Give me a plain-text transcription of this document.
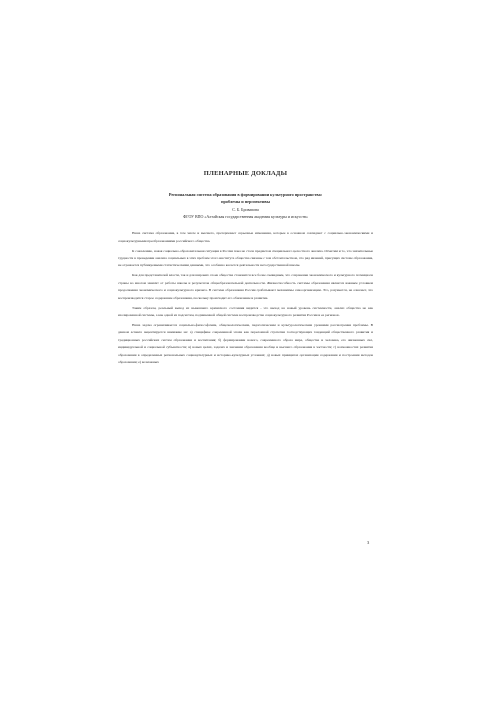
ПЛЕНАРНЫЕ ДОКЛАДЫ
Региональная система образования в формировании культурного пространства:
проблемы и перспективы
С. Б. Бровапова
ФГОУ ВПО «Алтайская государственная академия культуры и искусств»

Наша система образования, в том числе и высшего, претерпевает серьезные изменения, которые в основном совпадают с социально-экономическими и социокультурными преобразованиями российского общества.

К сожалению, новая социально-образовательная ситуация в России пока не стала предметом специального целостного анализа. Отметим и то, что значительные трудности в проведении анализа социальных в этих проблем этого института общества связаны с тем обстоятельством, что ряд явлений, присущих системе образования, не отражается публикуемыми статистическими данными, что особенно касается деятельности негосударственной школы.

Как для представителей власти, так и для широких слоев общества становится все более очевидным, что сохранение экономического и культурного потенциала страны во многом зависит от работы школы и результатов общеобразовательной деятельности. Жизнеспособность системы образования является важным условием продолжения экономического и социокультурного кризиса. В системе образования России срабатывают механизмы самоорганизации. Это, разумеется, не означает, что воспроизводится старое содержание образования, поскольку происходит его обновление и развитие.

Таким образом, реальный выход из нынешнего кризисного состояния видится - это выход на новый уровень системности, анализ общества не как изолированной системы, а как одной из подсистем, подчиненной общей системе воспроизводства социокультурного развития России и ее регионов.

Наша задача ограничивается социально-философским, общеэкологическим, педагогическим и культурологическим уровнями рассмотрения проблемы. В данном аспекте акцентируется внимание на: а) специфике современной эпохи как переломной стратегии господствующих тенденций общественного развития и традиционных российских систем образования и воспитания; б) формировании нового, современного образа мира, общества и человека, его жизненных сил, индивидуальной и социальной субъектности; в) новых целях, задачах и значении образования вообще и высшего образования в частности; г) возможностях развития образования в определенных региональных социокультурных и историко-культурных условиях; д) новых принципах организации содержания и построения методов образования; е) возможных

3
